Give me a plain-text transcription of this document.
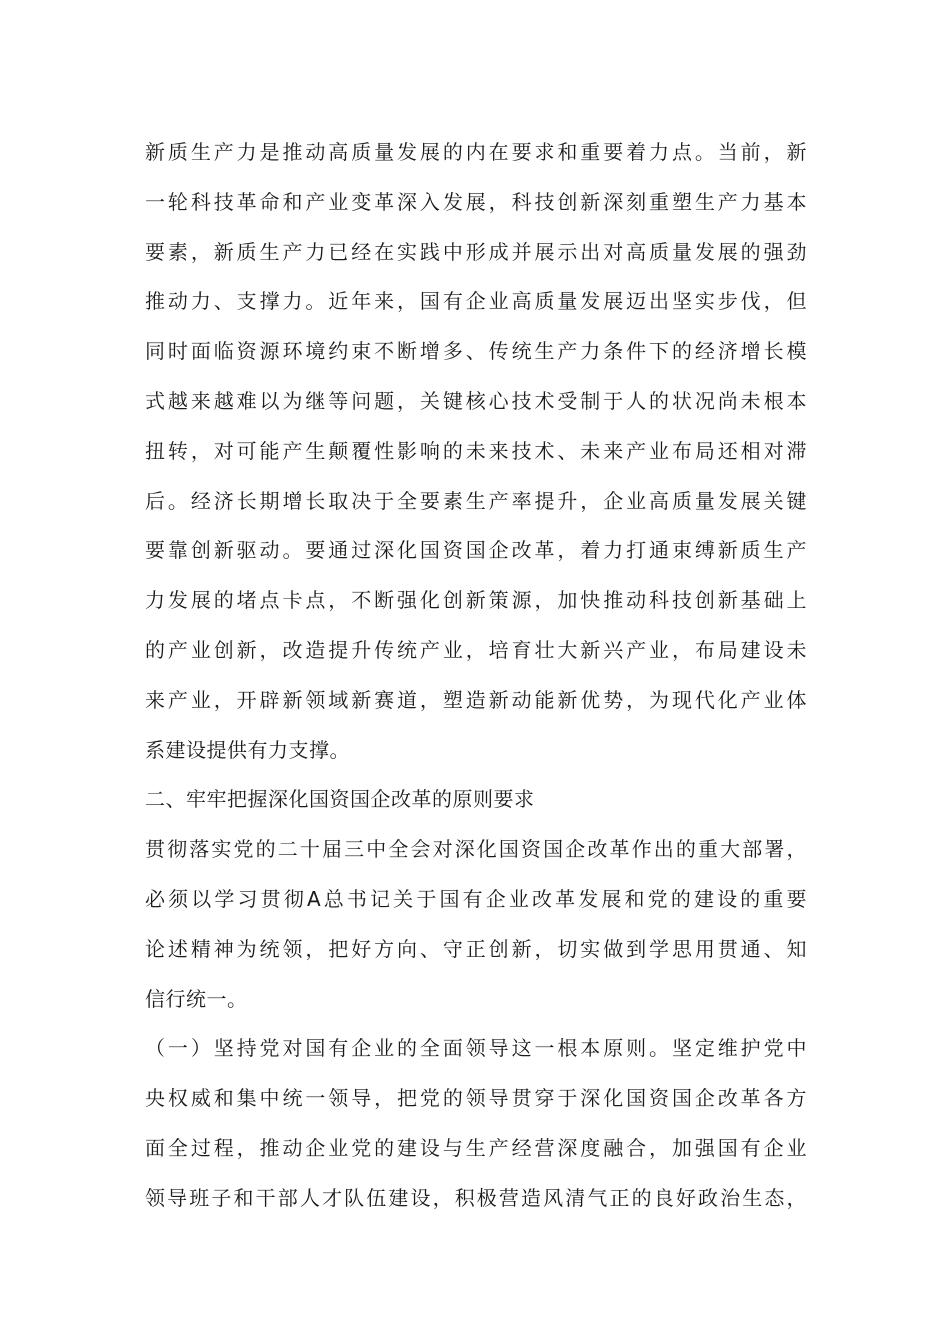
新质生产力是推动高质量发展的内在要求和重要着力点。当前，新
一轮科技革命和产业变革深入发展，科技创新深刻重塑生产力基本
要素，新质生产力已经在实践中形成并展示出对高质量发展的强劲
推动力、支撑力。近年来，国有企业高质量发展迈出坚实步伐，但
同时面临资源环境约束不断增多、传统生产力条件下的经济增长模
式越来越难以为继等问题，关键核心技术受制于人的状况尚未根本
扭转，对可能产生颠覆性影响的未来技术、未来产业布局还相对滞
后。经济长期增长取决于全要素生产率提升，企业高质量发展关键
要靠创新驱动。要通过深化国资国企改革，着力打通束缚新质生产
力发展的堵点卡点，不断强化创新策源，加快推动科技创新基础上
的产业创新，改造提升传统产业，培育壮大新兴产业，布局建设未
来产业，开辟新领域新赛道，塑造新动能新优势，为现代化产业体
系建设提供有力支撑。
二、牢牢把握深化国资国企改革的原则要求
贯彻落实党的二十届三中全会对深化国资国企改革作出的重大部署，
必须以学习贯彻A总书记关于国有企业改革发展和党的建设的重要
论述精神为统领，把好方向、守正创新，切实做到学思用贯通、知
信行统一。
（一）坚持党对国有企业的全面领导这一根本原则。坚定维护党中
央权威和集中统一领导，把党的领导贯穿于深化国资国企改革各方
面全过程，推动企业党的建设与生产经营深度融合，加强国有企业
领导班子和干部人才队伍建设，积极营造风清气正的良好政治生态，
